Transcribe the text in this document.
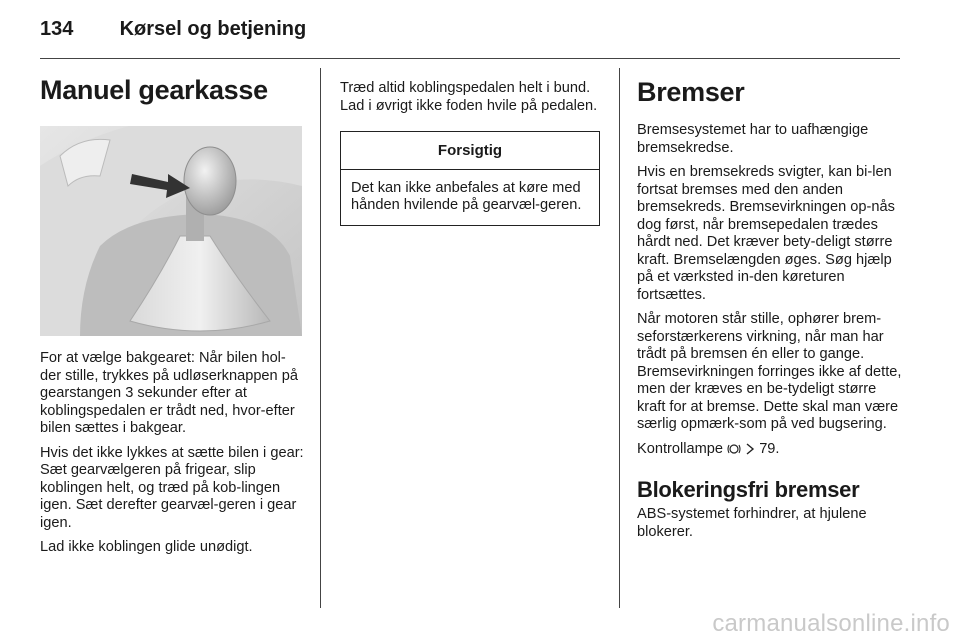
134 Kørsel og betjening
Manuel gearkasse

For at vælge bakgearet: Når bilen hol-der stille, trykkes på udløserknappen på gearstangen 3 sekunder efter at koblingspedalen er trådt ned, hvor-efter bilen sættes i bakgear.

Hvis det ikke lykkes at sætte bilen i gear: Sæt gearvælgeren på frigear, slip koblingen helt, og træd på kob-lingen igen. Sæt derefter gearvæl-geren i gear igen.

Lad ikke koblingen glide unødigt.

Træd altid koblingspedalen helt i bund. Lad i øvrigt ikke foden hvile på pedalen.

Forsigtig
Det kan ikke anbefales at køre med hånden hvilende på gearvæl-geren.
Bremser

Bremsesystemet har to uafhængige bremsekredse.

Hvis en bremsekreds svigter, kan bi-len fortsat bremses med den anden bremsekreds. Bremsevirkningen op-nås dog først, når bremsepedalen trædes hårdt ned. Det kræver bety-deligt større kraft. Bremselængden øges. Søg hjælp på et værksted in-den køreturen fortsættes.

Når motoren står stille, ophører brem-seforstærkerens virkning, når man har trådt på bremsen én eller to gange. Bremsevirkningen forringes ikke af dette, men der kræves en be-tydeligt større kraft for at bremse. Dette skal man være særlig opmærk-som på ved bugsering.

Kontrollampe 79.

Blokeringsfri bremser

ABS-systemet forhindrer, at hjulene blokerer.

carmanualsonline.info
